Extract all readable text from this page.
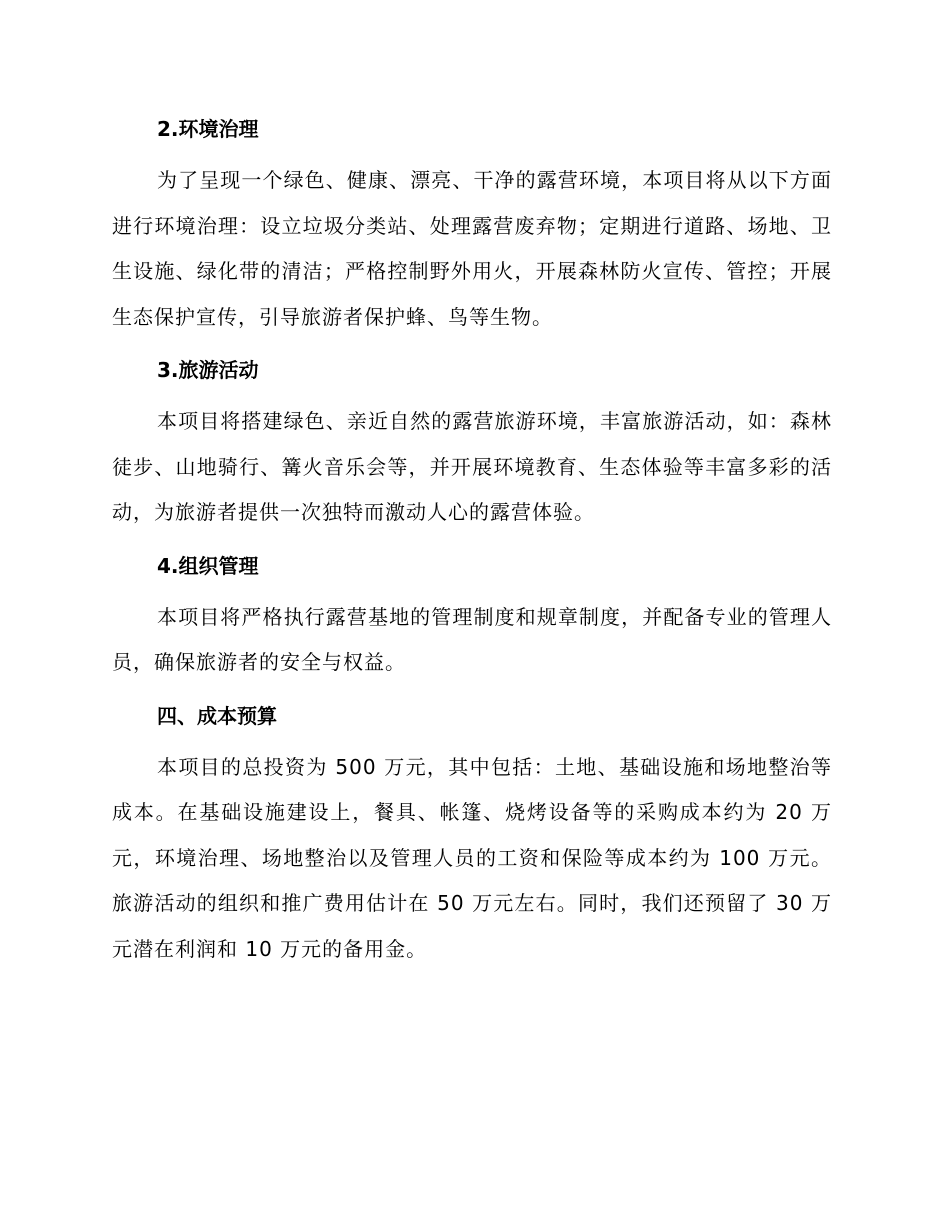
2.环境治理

为了呈现一个绿色、健康、漂亮、干净的露营环境，本项目将从以下方面进行环境治理：设立垃圾分类站、处理露营废弃物；定期进行道路、场地、卫生设施、绿化带的清洁；严格控制野外用火，开展森林防火宣传、管控；开展生态保护宣传，引导旅游者保护蜂、鸟等生物。

3.旅游活动

本项目将搭建绿色、亲近自然的露营旅游环境，丰富旅游活动，如：森林徒步、山地骑行、篝火音乐会等，并开展环境教育、生态体验等丰富多彩的活动，为旅游者提供一次独特而激动人心的露营体验。

4.组织管理

本项目将严格执行露营基地的管理制度和规章制度，并配备专业的管理人员，确保旅游者的安全与权益。

四、成本预算

本项目的总投资为 500 万元，其中包括：土地、基础设施和场地整治等成本。在基础设施建设上，餐具、帐篷、烧烤设备等的采购成本约为 20 万元，环境治理、场地整治以及管理人员的工资和保险等成本约为 100 万元。旅游活动的组织和推广费用估计在 50 万元左右。同时，我们还预留了 30 万元潜在利润和 10 万元的备用金。
